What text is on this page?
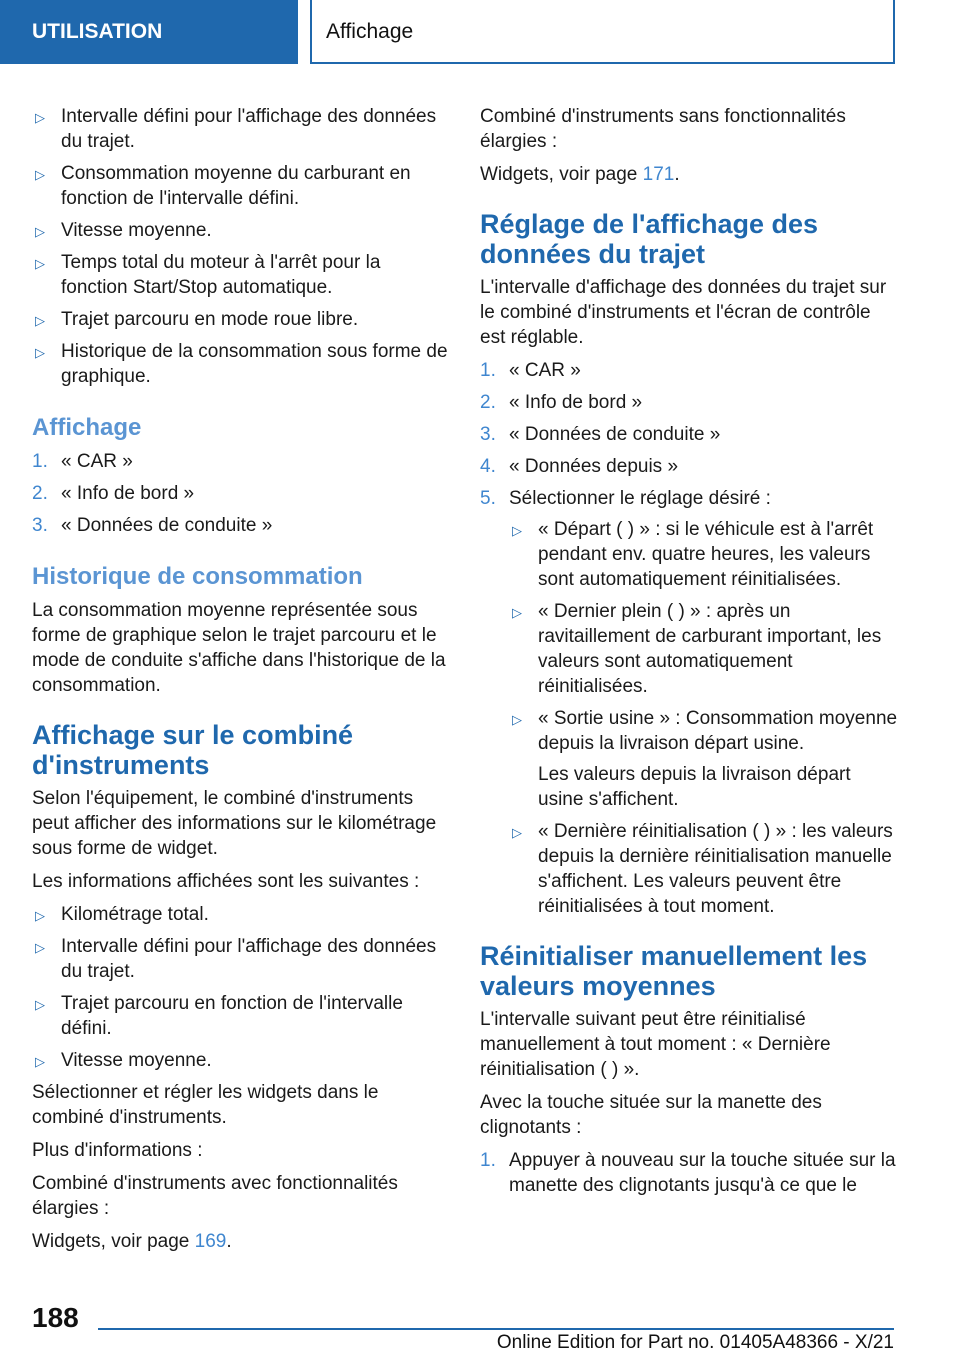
UTILISATION	Affichage
▷ Intervalle défini pour l'affichage des données du trajet.
▷ Consommation moyenne du carburant en fonction de l'intervalle défini.
▷ Vitesse moyenne.
▷ Temps total du moteur à l'arrêt pour la fonction Start/Stop automatique.
▷ Trajet parcouru en mode roue libre.
▷ Historique de la consommation sous forme de graphique.
Affichage
1. « CAR »
2. « Info de bord »
3. « Données de conduite »
Historique de consommation

La consommation moyenne représentée sous forme de graphique selon le trajet parcouru et le mode de conduite s'affiche dans l'historique de la consommation.

Affichage sur le combiné d'instruments

Selon l'équipement, le combiné d'instruments peut afficher des informations sur le kilométrage sous forme de widget.

Les informations affichées sont les suivantes :

▷ Kilométrage total.
▷ Intervalle défini pour l'affichage des données du trajet.
▷ Trajet parcouru en fonction de l'intervalle défini.
▷ Vitesse moyenne.

Sélectionner et régler les widgets dans le combiné d'instruments.

Plus d'informations :

Combiné d'instruments avec fonctionnalités élargies :

Widgets, voir page 169.

Combiné d'instruments sans fonctionnalités élargies :

Widgets, voir page 171.

Réglage de l'affichage des données du trajet

L'intervalle d'affichage des données du trajet sur le combiné d'instruments et l'écran de contrôle est réglable.

1. « CAR »
2. « Info de bord »
3. « Données de conduite »
4. « Données depuis »
5. Sélectionner le réglage désiré :
▷ « Départ ( ) » : si le véhicule est à l'arrêt pendant env. quatre heures, les valeurs sont automatiquement réinitialisées.
▷ « Dernier plein ( ) » : après un ravitaillement de carburant important, les valeurs sont automatiquement réinitialisées.
▷ « Sortie usine » : Consommation moyenne depuis la livraison départ usine.

Les valeurs depuis la livraison départ usine s'affichent.

▷ « Dernière réinitialisation ( ) » : les valeurs depuis la dernière réinitialisation manuelle s'affichent. Les valeurs peuvent être réinitialisées à tout moment.
Réinitialiser manuellement les valeurs moyennes

L'intervalle suivant peut être réinitialisé manuellement à tout moment : « Dernière réinitialisation ( ) ».

Avec la touche située sur la manette des clignotants :

1. Appuyer à nouveau sur la touche située sur la manette des clignotants jusqu'à ce que le
188
Online Edition for Part no. 01405A48366 - X/21
